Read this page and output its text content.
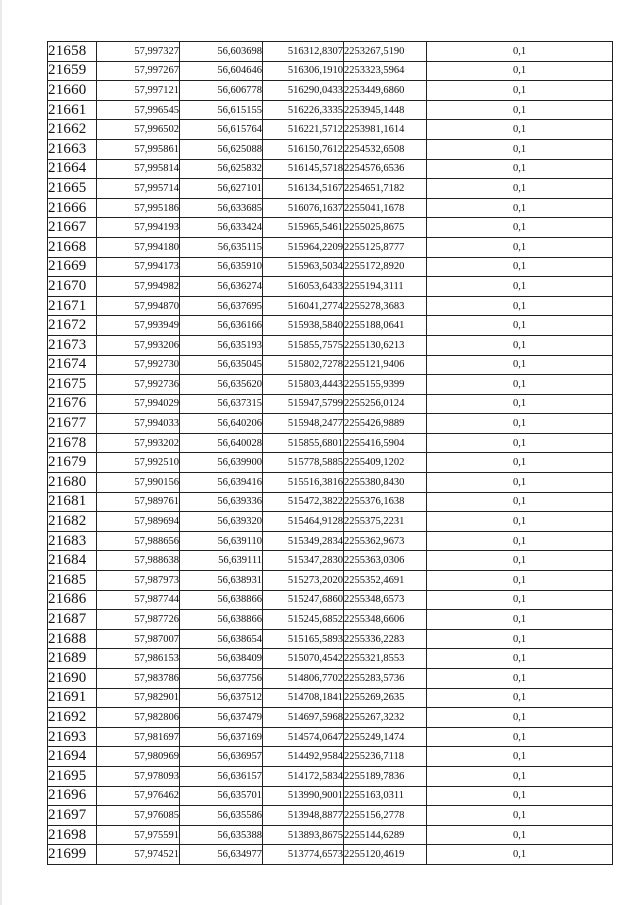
21658	57,997327	56,603698	516312,8307	2253267,5190	0,1
21659	57,997267	56,604646	516306,1910	2253323,5964	0,1
21660	57,997121	56,606778	516290,0433	2253449,6860	0,1
21661	57,996545	56,615155	516226,3335	2253945,1448	0,1
21662	57,996502	56,615764	516221,5712	2253981,1614	0,1
21663	57,995861	56,625088	516150,7612	2254532,6508	0,1
21664	57,995814	56,625832	516145,5718	2254576,6536	0,1
21665	57,995714	56,627101	516134,5167	2254651,7182	0,1
21666	57,995186	56,633685	516076,1637	2255041,1678	0,1
21667	57,994193	56,633424	515965,5461	2255025,8675	0,1
21668	57,994180	56,635115	515964,2209	2255125,8777	0,1
21669	57,994173	56,635910	515963,5034	2255172,8920	0,1
21670	57,994982	56,636274	516053,6433	2255194,3111	0,1
21671	57,994870	56,637695	516041,2774	2255278,3683	0,1
21672	57,993949	56,636166	515938,5840	2255188,0641	0,1
21673	57,993206	56,635193	515855,7575	2255130,6213	0,1
21674	57,992730	56,635045	515802,7278	2255121,9406	0,1
21675	57,992736	56,635620	515803,4443	2255155,9399	0,1
21676	57,994029	56,637315	515947,5799	2255256,0124	0,1
21677	57,994033	56,640206	515948,2477	2255426,9889	0,1
21678	57,993202	56,640028	515855,6801	2255416,5904	0,1
21679	57,992510	56,639900	515778,5885	2255409,1202	0,1
21680	57,990156	56,639416	515516,3816	2255380,8430	0,1
21681	57,989761	56,639336	515472,3822	2255376,1638	0,1
21682	57,989694	56,639320	515464,9128	2255375,2231	0,1
21683	57,988656	56,639110	515349,2834	2255362,9673	0,1
21684	57,988638	56,639111	515347,2830	2255363,0306	0,1
21685	57,987973	56,638931	515273,2020	2255352,4691	0,1
21686	57,987744	56,638866	515247,6860	2255348,6573	0,1
21687	57,987726	56,638866	515245,6852	2255348,6606	0,1
21688	57,987007	56,638654	515165,5893	2255336,2283	0,1
21689	57,986153	56,638409	515070,4542	2255321,8553	0,1
21690	57,983786	56,637756	514806,7702	2255283,5736	0,1
21691	57,982901	56,637512	514708,1841	2255269,2635	0,1
21692	57,982806	56,637479	514697,5968	2255267,3232	0,1
21693	57,981697	56,637169	514574,0647	2255249,1474	0,1
21694	57,980969	56,636957	514492,9584	2255236,7118	0,1
21695	57,978093	56,636157	514172,5834	2255189,7836	0,1
21696	57,976462	56,635701	513990,9001	2255163,0311	0,1
21697	57,976085	56,635586	513948,8877	2255156,2778	0,1
21698	57,975591	56,635388	513893,8675	2255144,6289	0,1
21699	57,974521	56,634977	513774,6573	2255120,4619	0,1
